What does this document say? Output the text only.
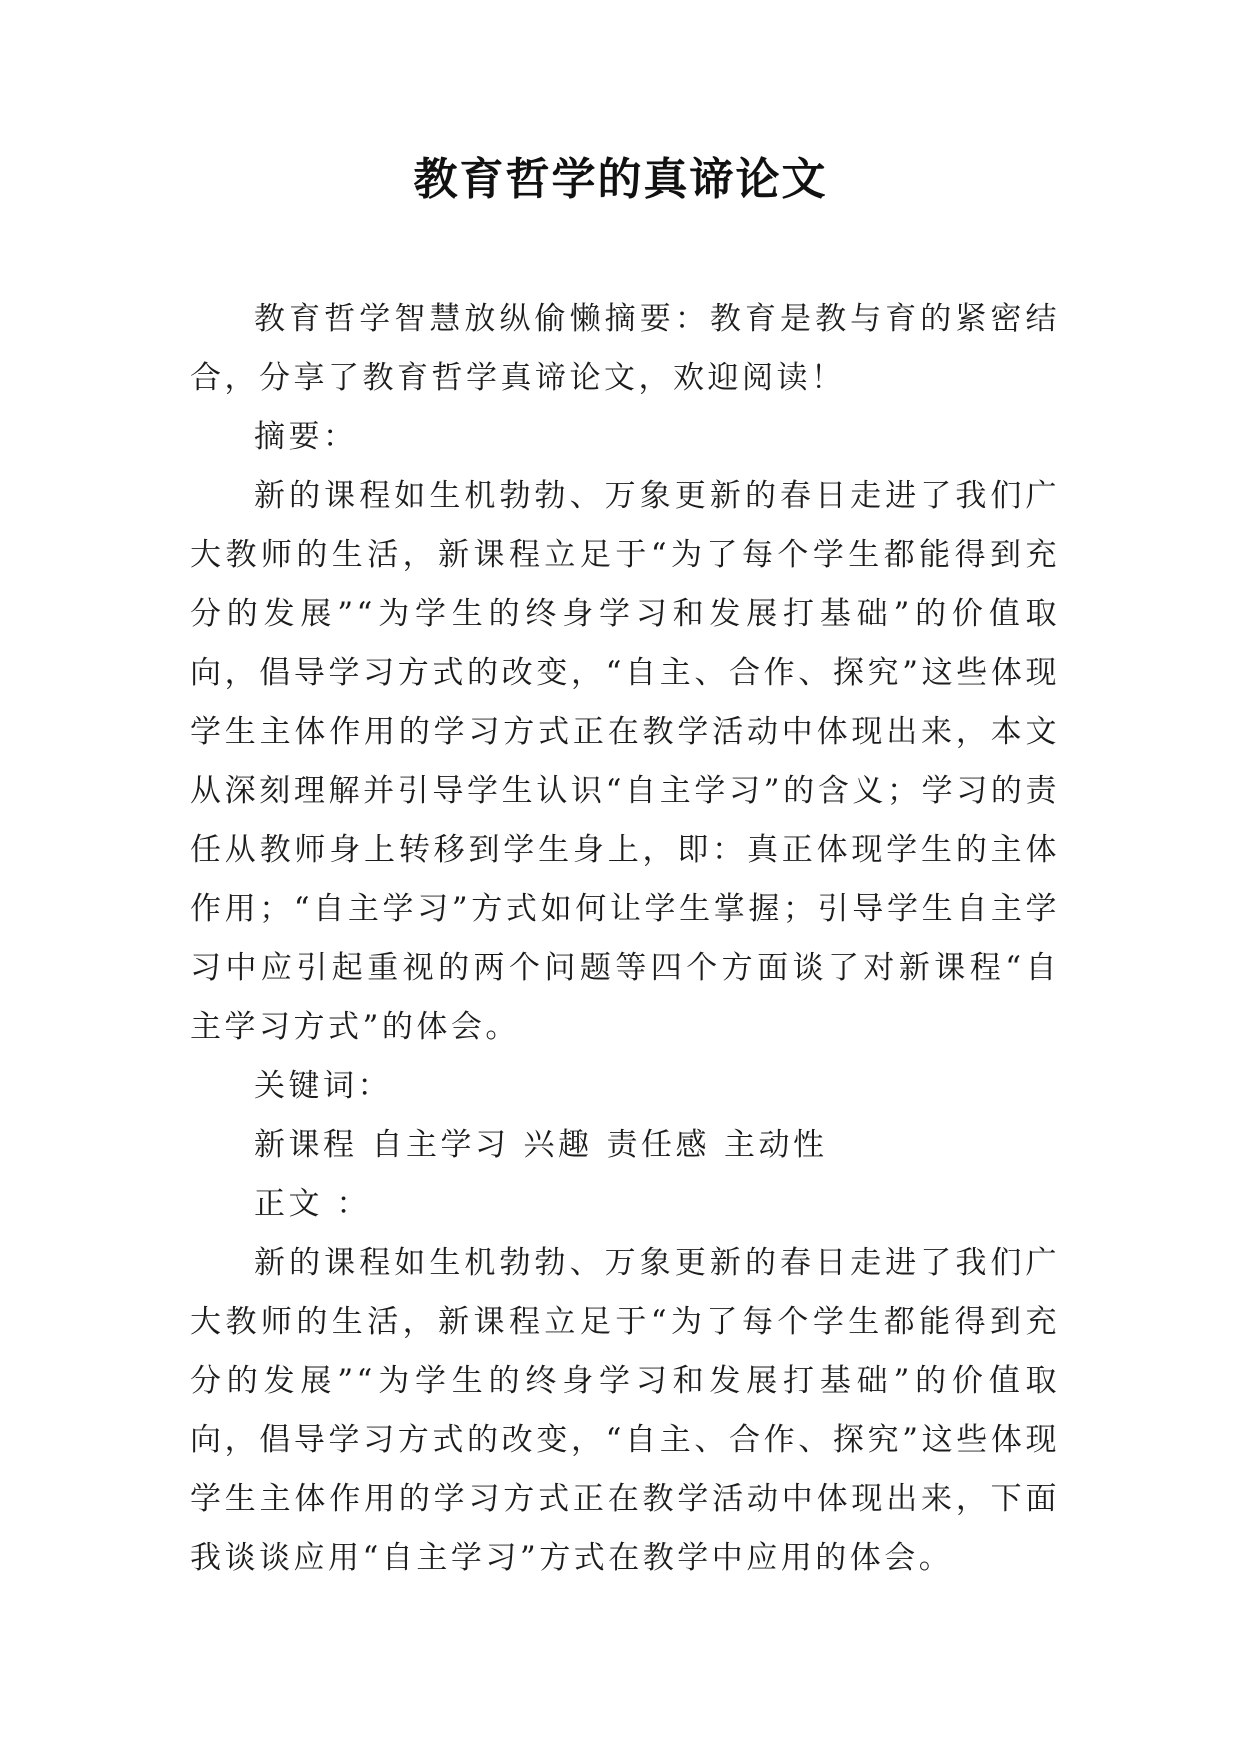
教育哲学的真谛论文

教育哲学智慧放纵偷懒摘要：教育是教与育的紧密结合，分享了教育哲学真谛论文，欢迎阅读！

摘要：

新的课程如生机勃勃、万象更新的春日走进了我们广大教师的生活，新课程立足于“为了每个学生都能得到充分的发展”“为学生的终身学习和发展打基础”的价值取向，倡导学习方式的改变，“自主、合作、探究”这些体现学生主体作用的学习方式正在教学活动中体现出来，本文从深刻理解并引导学生认识“自主学习”的含义；学习的责任从教师身上转移到学生身上，即：真正体现学生的主体作用；“自主学习”方式如何让学生掌握；引导学生自主学习中应引起重视的两个问题等四个方面谈了对新课程“自主学习方式”的体会。

关键词：

新课程 自主学习 兴趣 责任感 主动性

正文 ：

新的课程如生机勃勃、万象更新的春日走进了我们广大教师的生活，新课程立足于“为了每个学生都能得到充分的发展”“为学生的终身学习和发展打基础”的价值取向，倡导学习方式的改变，“自主、合作、探究”这些体现学生主体作用的学习方式正在教学活动中体现出来，下面我谈谈应用“自主学习”方式在教学中应用的体会。
